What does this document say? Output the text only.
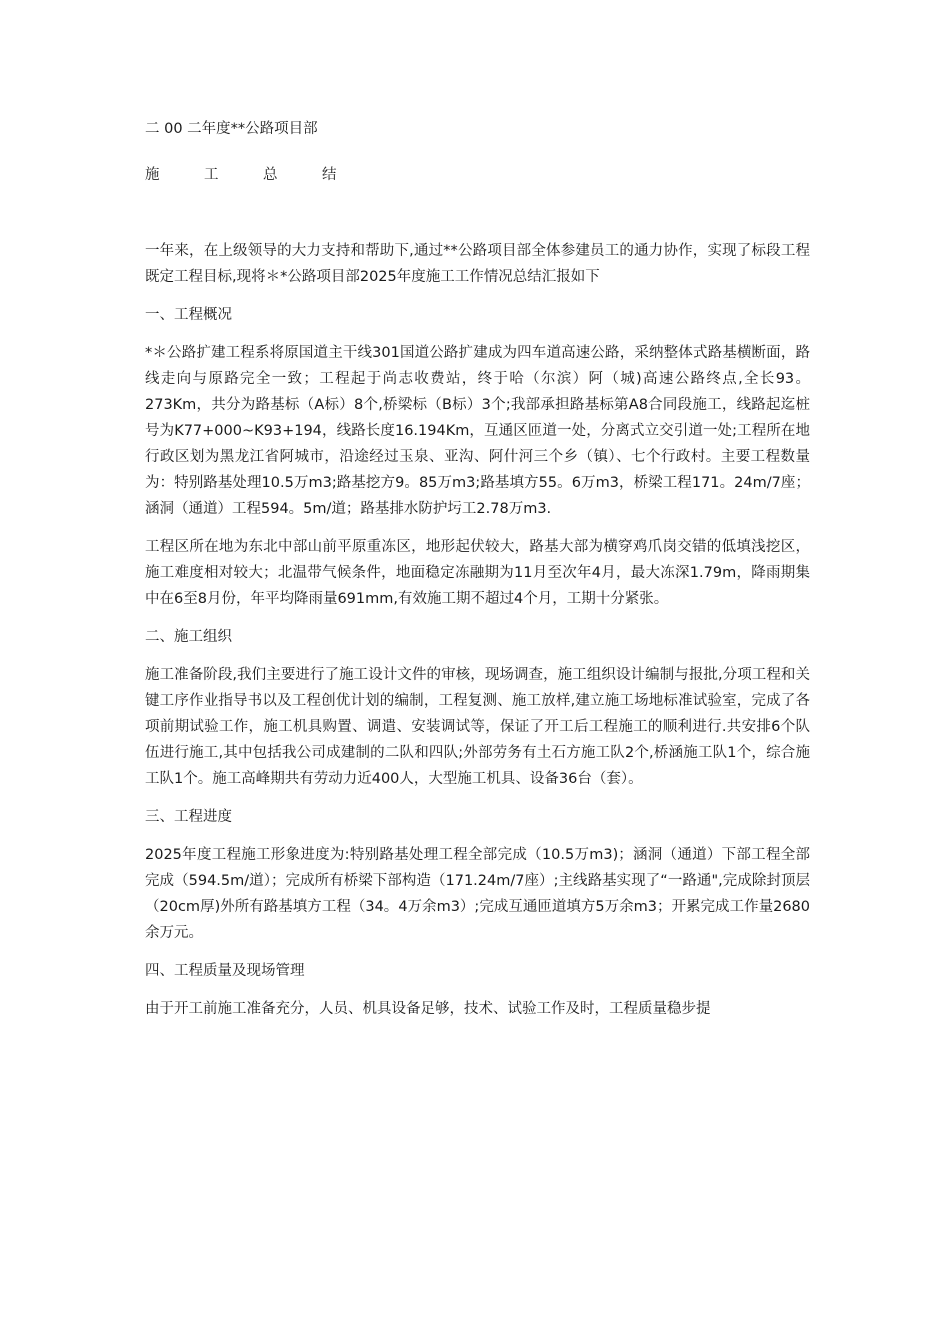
二 00 二年度**公路项目部

施　工　总　结

一年来，在上级领导的大力支持和帮助下,通过**公路项目部全体参建员工的通力协作，实现了标段工程既定工程目标,现将＊*公路项目部2025年度施工工作情况总结汇报如下

一、工程概况

*＊公路扩建工程系将原国道主干线301国道公路扩建成为四车道高速公路，采纳整体式路基横断面，路线走向与原路完全一致；工程起于尚志收费站，终于哈（尔滨）阿（城)高速公路终点,全长93。273Km，共分为路基标（A标）8个,桥梁标（B标）3个;我部承担路基标第A8合同段施工，线路起迄桩号为K77+000~K93+194，线路长度16.194Km，互通区匝道一处，分离式立交引道一处;工程所在地行政区划为黑龙江省阿城市，沿途经过玉泉、亚沟、阿什河三个乡（镇）、七个行政村。主要工程数量为：特别路基处理10.5万m3;路基挖方9。85万m3;路基填方55。6万m3，桥梁工程171。24m/7座；涵洞（通道）工程594。5m/道；路基排水防护圬工2.78万m3.

工程区所在地为东北中部山前平原重冻区，地形起伏较大，路基大部为横穿鸡爪岗交错的低填浅挖区，施工难度相对较大；北温带气候条件，地面稳定冻融期为11月至次年4月，最大冻深1.79m，降雨期集中在6至8月份，年平均降雨量691mm,有效施工期不超过4个月，工期十分紧张。

二、施工组织

施工准备阶段,我们主要进行了施工设计文件的审核，现场调查，施工组织设计编制与报批,分项工程和关键工序作业指导书以及工程创优计划的编制，工程复测、施工放样,建立施工场地标准试验室，完成了各项前期试验工作，施工机具购置、调遣、安装调试等，保证了开工后工程施工的顺利进行.共安排6个队伍进行施工,其中包括我公司成建制的二队和四队;外部劳务有土石方施工队2个,桥涵施工队1个，综合施工队1个。施工高峰期共有劳动力近400人，大型施工机具、设备36台（套）。

三、工程进度

2025年度工程施工形象进度为:特别路基处理工程全部完成（10.5万m3)；涵洞（通道）下部工程全部完成（594.5m/道）；完成所有桥梁下部构造（171.24m/7座）;主线路基实现了“一路通",完成除封顶层（20cm厚)外所有路基填方工程（34。4万余m3）;完成互通匝道填方5万余m3；开累完成工作量2680余万元。

四、工程质量及现场管理

由于开工前施工准备充分，人员、机具设备足够，技术、试验工作及时，工程质量稳步提
